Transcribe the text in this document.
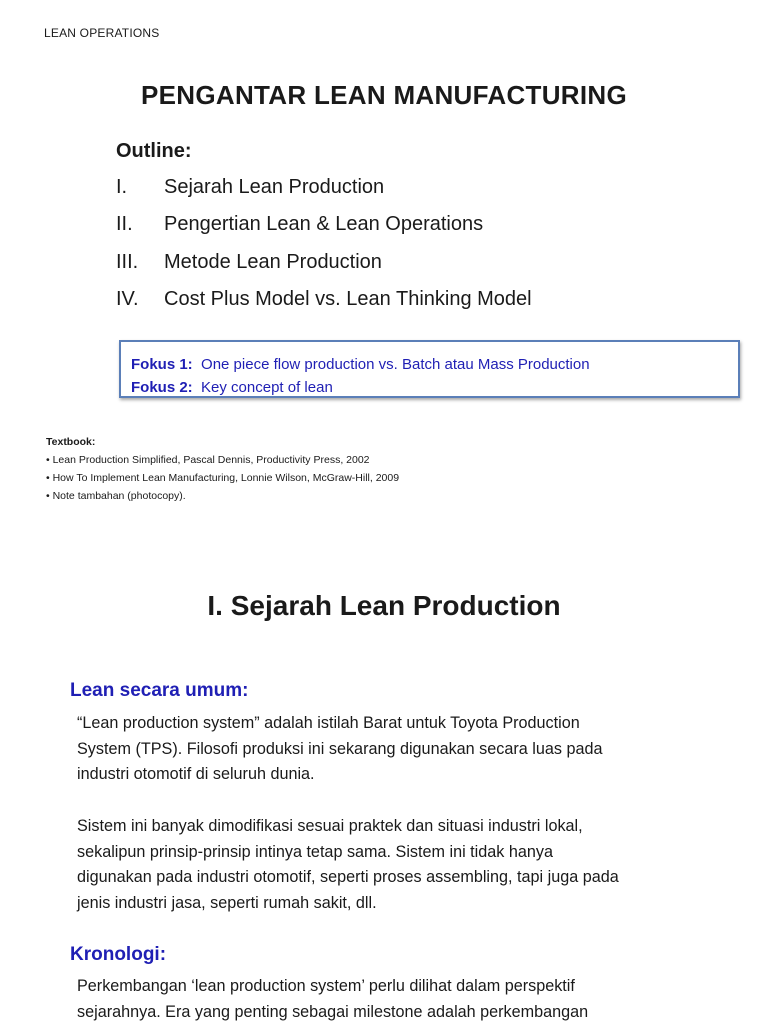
LEAN OPERATIONS
PENGANTAR LEAN MANUFACTURING
Outline:
I. Sejarah Lean Production
II. Pengertian Lean & Lean Operations
III. Metode Lean Production
IV. Cost Plus Model vs. Lean Thinking Model
Fokus 1: One piece flow production vs. Batch atau Mass Production
Fokus 2: Key concept of lean
Textbook:
• Lean Production Simplified, Pascal Dennis, Productivity Press, 2002
• How To Implement Lean Manufacturing, Lonnie Wilson, McGraw-Hill, 2009
• Note tambahan (photocopy).
I. Sejarah Lean Production
Lean secara umum:
“Lean production system” adalah istilah Barat untuk Toyota Production
System (TPS). Filosofi produksi ini sekarang digunakan secara luas pada
industri otomotif di seluruh dunia.
Sistem ini banyak dimodifikasi sesuai praktek dan situasi industri lokal,
sekalipun prinsip-prinsip intinya tetap sama. Sistem ini tidak hanya
digunakan pada industri otomotif, seperti proses assembling, tapi juga pada
jenis industri jasa, seperti rumah sakit, dll.
Kronologi:
Perkembangan ‘lean production system’ perlu dilihat dalam perspektif
sejarahnya. Era yang penting sebagai milestone adalah perkembangan
